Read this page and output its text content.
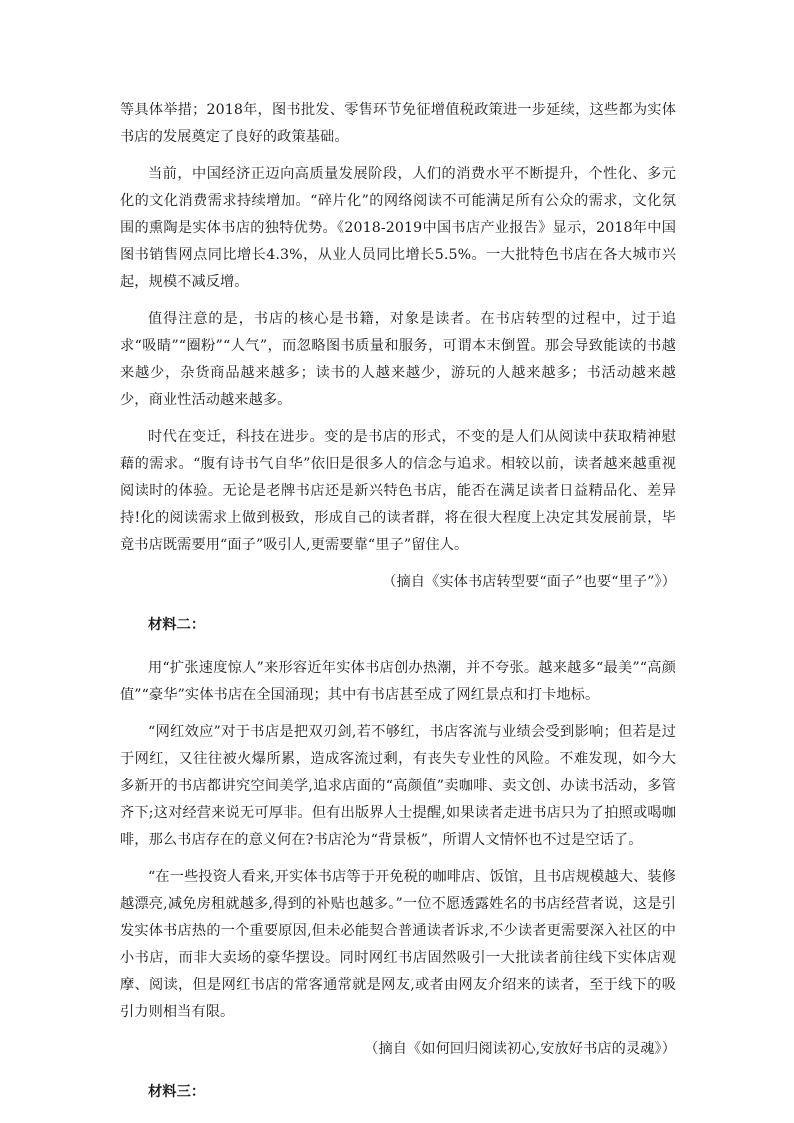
等具体举措；2018年，图书批发、零售环节免征增值税政策进一步延续，这些都为实体书店的发展奠定了良好的政策基础。

当前，中国经济正迈向高质量发展阶段，人们的消费水平不断提升，个性化、多元化的文化消费需求持续增加。“碎片化”的网络阅读不可能满足所有公众的需求，文化氛围的熏陶是实体书店的独特优势。《2018-2019中国书店产业报告》显示，2018年中国图书销售网点同比增长4.3%，从业人员同比增长5.5%。一大批特色书店在各大城市兴起，规模不减反增。

值得注意的是，书店的核心是书籍，对象是读者。在书店转型的过程中，过于追求“吸睛”“圈粉”“人气”，而忽略图书质量和服务，可谓本末倒置。那会导致能读的书越来越少，杂货商品越来越多；读书的人越来越少，游玩的人越来越多；书活动越来越少，商业性活动越来越多。

时代在变迁，科技在进步。变的是书店的形式，不变的是人们从阅读中获取精神慰藉的需求。“腹有诗书气自华”依旧是很多人的信念与追求。相较以前，读者越来越重视阅读时的体验。无论是老牌书店还是新兴特色书店，能否在满足读者日益精品化、差异持!化的阅读需求上做到极致，形成自己的读者群，将在很大程度上决定其发展前景，毕竟书店既需要用“面子”吸引人,更需要靠“里子”留住人。

（摘自《实体书店转型要“面子”也要“里子”》）

材料二：

用“扩张速度惊人”来形容近年实体书店创办热潮，并不夸张。越来越多“最美”“高颜值”“豪华”实体书店在全国涌现；其中有书店甚至成了网红景点和打卡地标。

“网红效应”对于书店是把双刃剑,若不够红，书店客流与业绩会受到影响；但若是过于网红，又往往被火爆所累，造成客流过剩，有丧失专业性的风险。不难发现，如今大多新开的书店都讲究空间美学,追求店面的“高颜值”卖咖啡、卖文创、办读书活动，多管齐下;这对经营来说无可厚非。但有出版界人士提醒,如果读者走进书店只为了拍照或喝咖啡，那么书店存在的意义何在?书店沦为“背景板”，所谓人文情怀也不过是空话了。

“在一些投资人看来,开实体书店等于开免税的咖啡店、饭馆，且书店规模越大、装修越漂亮,减免房租就越多,得到的补贴也越多。”一位不愿透露姓名的书店经营者说，这是引发实体书店热的一个重要原因,但未必能契合普通读者诉求,不少读者更需要深入社区的中小书店，而非大卖场的豪华摆设。同时网红书店固然吸引一大批读者前往线下实体店观摩、阅读，但是网红书店的常客通常就是网友,或者由网友介绍来的读者，至于线下的吸引力则相当有限。

（摘自《如何回归阅读初心,安放好书店的灵魂》）

材料三：
